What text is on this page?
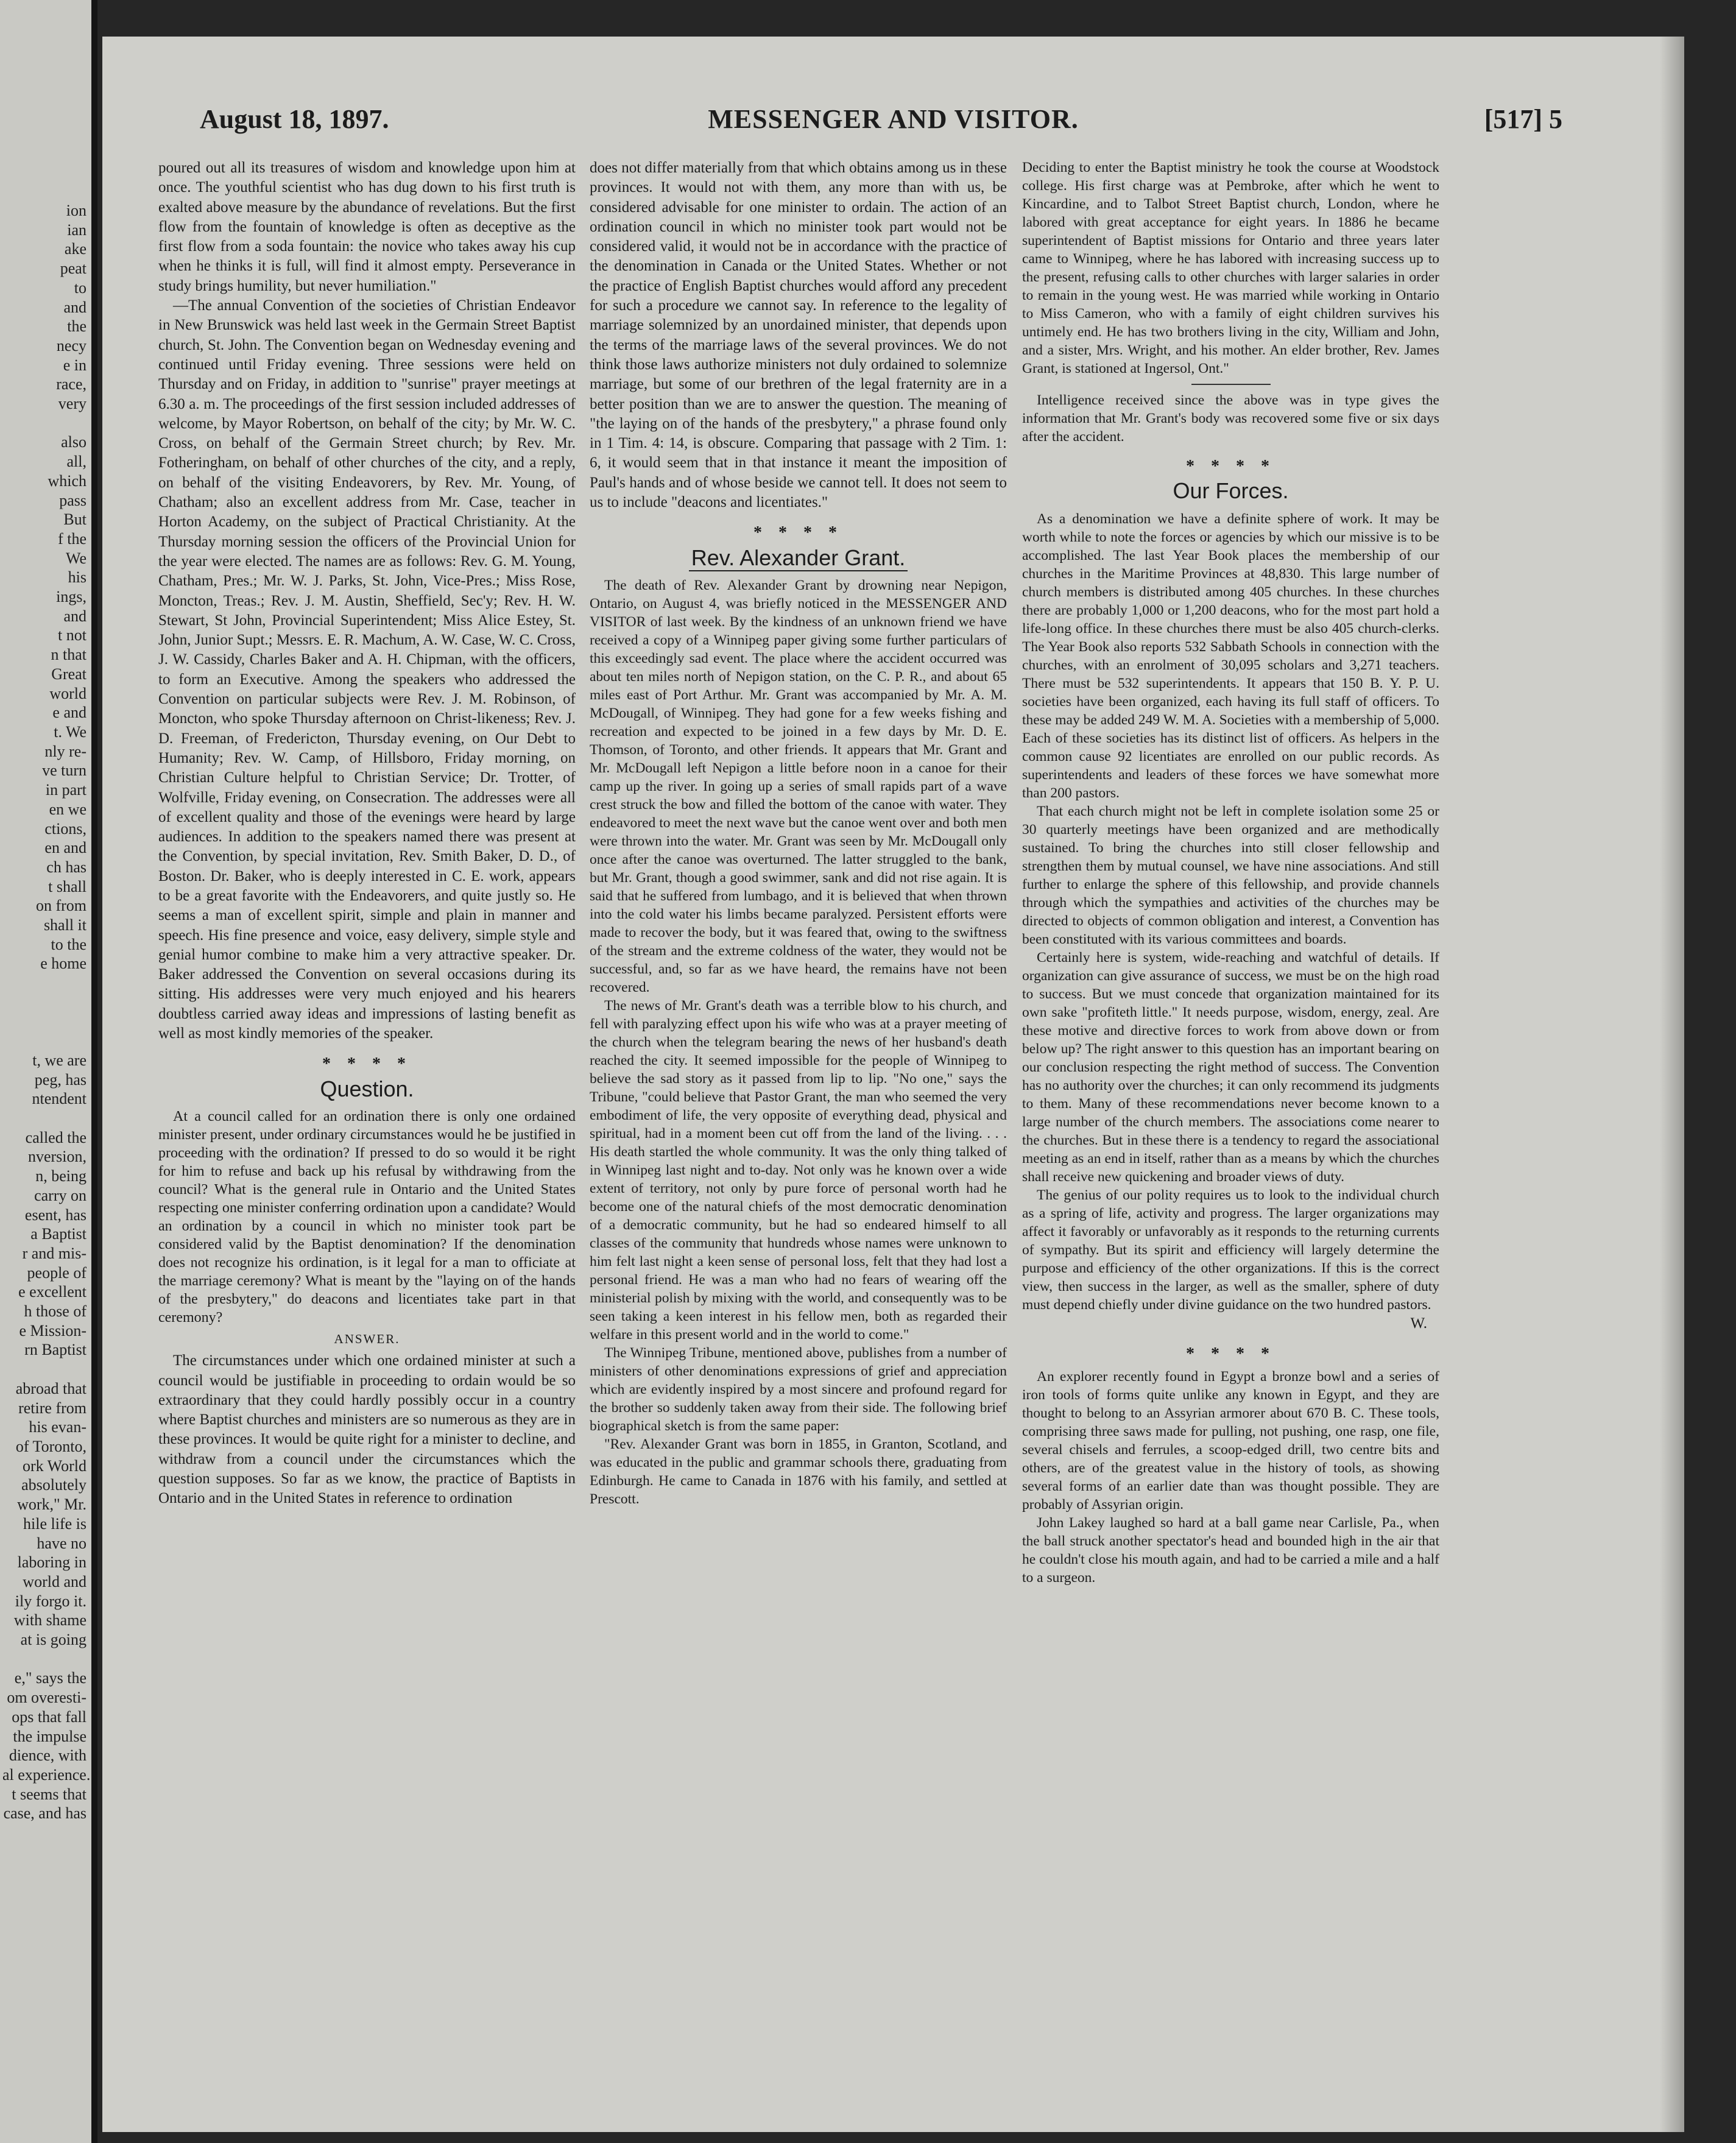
ion
ian
ake
peat
to
and
the
necy
e in
race,
very

also
all,
which
pass
But
f the
We
his
ings,
and
t not
n that
Great
world
e and
t. We
nly re-
ve turn
in part
en we
ctions,
en and
ch has
t shall
on from
shall it
to the
e home

t, we are
peg, has
ntendent

called the
nversion,
n, being
carry on
esent, has
a Baptist
r and mis-
people of
e excellent
h those of
e Mission-
rn Baptist

abroad that
retire from
his evan-
of Toronto,
ork World
absolutely
work," Mr.
hile life is
have no
laboring in
world and
ily forgo it.
with shame
at is going

e," says the
om overesti-
ops that fall
the impulse
dience, with
al experience.
t seems that
case, and has
August 18, 1897.	MESSENGER AND VISITOR.	[517] 5

poured out all its treasures of wisdom and knowledge upon him at once. The youthful scientist who has dug down to his first truth is exalted above measure by the abundance of revelations. But the first flow from the fountain of knowledge is often as deceptive as the first flow from a soda fountain: the novice who takes away his cup when he thinks it is full, will find it almost empty. Perseverance in study brings humility, but never humiliation."

—The annual Convention of the societies of Christian Endeavor in New Brunswick was held last week in the Germain Street Baptist church, St. John. The Convention began on Wednesday evening and continued until Friday evening. Three sessions were held on Thursday and on Friday, in addition to "sunrise" prayer meetings at 6.30 a. m. The proceedings of the first session included addresses of welcome, by Mayor Robertson, on behalf of the city; by Mr. W. C. Cross, on behalf of the Germain Street church; by Rev. Mr. Fotheringham, on behalf of other churches of the city, and a reply, on behalf of the visiting Endeavorers, by Rev. Mr. Young, of Chatham; also an excellent address from Mr. Case, teacher in Horton Academy, on the subject of Practical Christianity. At the Thursday morning session the officers of the Provincial Union for the year were elected. The names are as follows: Rev. G. M. Young, Chatham, Pres.; Mr. W. J. Parks, St. John, Vice-Pres.; Miss Rose, Moncton, Treas.; Rev. J. M. Austin, Sheffield, Sec'y; Rev. H. W. Stewart, St John, Provincial Superintendent; Miss Alice Estey, St. John, Junior Supt.; Messrs. E. R. Machum, A. W. Case, W. C. Cross, J. W. Cassidy, Charles Baker and A. H. Chipman, with the officers, to form an Executive. Among the speakers who addressed the Convention on particular subjects were Rev. J. M. Robinson, of Moncton, who spoke Thursday afternoon on Christ-likeness; Rev. J. D. Freeman, of Fredericton, Thursday evening, on Our Debt to Humanity; Rev. W. Camp, of Hillsboro, Friday morning, on Christian Culture helpful to Christian Service; Dr. Trotter, of Wolfville, Friday evening, on Consecration. The addresses were all of excellent quality and those of the evenings were heard by large audiences. In addition to the speakers named there was present at the Convention, by special invitation, Rev. Smith Baker, D. D., of Boston. Dr. Baker, who is deeply interested in C. E. work, appears to be a great favorite with the Endeavorers, and quite justly so. He seems a man of excellent spirit, simple and plain in manner and speech. His fine presence and voice, easy delivery, simple style and genial humor combine to make him a very attractive speaker. Dr. Baker addressed the Convention on several occasions during its sitting. His addresses were very much enjoyed and his hearers doubtless carried away ideas and impressions of lasting benefit as well as most kindly memories of the speaker.

* * * *
Question.

At a council called for an ordination there is only one ordained minister present, under ordinary circumstances would he be justified in proceeding with the ordination? If pressed to do so would it be right for him to refuse and back up his refusal by withdrawing from the council? What is the general rule in Ontario and the United States respecting one minister conferring ordination upon a candidate? Would an ordination by a council in which no minister took part be considered valid by the Baptist denomination? If the denomination does not recognize his ordination, is it legal for a man to officiate at the marriage ceremony? What is meant by the "laying on of the hands of the presbytery," do deacons and licentiates take part in that ceremony?

ANSWER.

The circumstances under which one ordained minister at such a council would be justifiable in proceeding to ordain would be so extraordinary that they could hardly possibly occur in a country where Baptist churches and ministers are so numerous as they are in these provinces. It would be quite right for a minister to decline, and withdraw from a council under the circumstances which the question supposes. So far as we know, the practice of Baptists in Ontario and in the United States in reference to ordination

does not differ materially from that which obtains among us in these provinces. It would not with them, any more than with us, be considered advisable for one minister to ordain. The action of an ordination council in which no minister took part would not be considered valid, it would not be in accordance with the practice of the denomination in Canada or the United States. Whether or not the practice of English Baptist churches would afford any precedent for such a procedure we cannot say. In reference to the legality of marriage solemnized by an unordained minister, that depends upon the terms of the marriage laws of the several provinces. We do not think those laws authorize ministers not duly ordained to solemnize marriage, but some of our brethren of the legal fraternity are in a better position than we are to answer the question. The meaning of "the laying on of the hands of the presbytery," a phrase found only in 1 Tim. 4: 14, is obscure. Comparing that passage with 2 Tim. 1: 6, it would seem that in that instance it meant the imposition of Paul's hands and of whose beside we cannot tell. It does not seem to us to include "deacons and licentiates."

* * * *
Rev. Alexander Grant.

The death of Rev. Alexander Grant by drowning near Nepigon, Ontario, on August 4, was briefly noticed in the MESSENGER AND VISITOR of last week. By the kindness of an unknown friend we have received a copy of a Winnipeg paper giving some further particulars of this exceedingly sad event. The place where the accident occurred was about ten miles north of Nepigon station, on the C. P. R., and about 65 miles east of Port Arthur. Mr. Grant was accompanied by Mr. A. M. McDougall, of Winnipeg. They had gone for a few weeks fishing and recreation and expected to be joined in a few days by Mr. D. E. Thomson, of Toronto, and other friends. It appears that Mr. Grant and Mr. McDougall left Nepigon a little before noon in a canoe for their camp up the river. In going up a series of small rapids part of a wave crest struck the bow and filled the bottom of the canoe with water. They endeavored to meet the next wave but the canoe went over and both men were thrown into the water. Mr. Grant was seen by Mr. McDougall only once after the canoe was overturned. The latter struggled to the bank, but Mr. Grant, though a good swimmer, sank and did not rise again. It is said that he suffered from lumbago, and it is believed that when thrown into the cold water his limbs became paralyzed. Persistent efforts were made to recover the body, but it was feared that, owing to the swiftness of the stream and the extreme coldness of the water, they would not be successful, and, so far as we have heard, the remains have not been recovered.

The news of Mr. Grant's death was a terrible blow to his church, and fell with paralyzing effect upon his wife who was at a prayer meeting of the church when the telegram bearing the news of her husband's death reached the city. It seemed impossible for the people of Winnipeg to believe the sad story as it passed from lip to lip. "No one," says the Tribune, "could believe that Pastor Grant, the man who seemed the very embodiment of life, the very opposite of everything dead, physical and spiritual, had in a moment been cut off from the land of the living. . . . His death startled the whole community. It was the only thing talked of in Winnipeg last night and to-day. Not only was he known over a wide extent of territory, not only by pure force of personal worth had he become one of the natural chiefs of the most democratic denomination of a democratic community, but he had so endeared himself to all classes of the community that hundreds whose names were unknown to him felt last night a keen sense of personal loss, felt that they had lost a personal friend. He was a man who had no fears of wearing off the ministerial polish by mixing with the world, and consequently was to be seen taking a keen interest in his fellow men, both as regarded their welfare in this present world and in the world to come."

The Winnipeg Tribune, mentioned above, publishes from a number of ministers of other denominations expressions of grief and appreciation which are evidently inspired by a most sincere and profound regard for the brother so suddenly taken away from their side. The following brief biographical sketch is from the same paper:

"Rev. Alexander Grant was born in 1855, in Granton, Scotland, and was educated in the public and grammar schools there, graduating from Edinburgh. He came to Canada in 1876 with his family, and settled at Prescott.

Deciding to enter the Baptist ministry he took the course at Woodstock college. His first charge was at Pembroke, after which he went to Kincardine, and to Talbot Street Baptist church, London, where he labored with great acceptance for eight years. In 1886 he became superintendent of Baptist missions for Ontario and three years later came to Winnipeg, where he has labored with increasing success up to the present, refusing calls to other churches with larger salaries in order to remain in the young west. He was married while working in Ontario to Miss Cameron, who with a family of eight children survives his untimely end. He has two brothers living in the city, William and John, and a sister, Mrs. Wright, and his mother. An elder brother, Rev. James Grant, is stationed at Ingersol, Ont."

Intelligence received since the above was in type gives the information that Mr. Grant's body was recovered some five or six days after the accident.

* * * *
Our Forces.

As a denomination we have a definite sphere of work. It may be worth while to note the forces or agencies by which our missive is to be accomplished. The last Year Book places the membership of our churches in the Maritime Provinces at 48,830. This large number of church members is distributed among 405 churches. In these churches there are probably 1,000 or 1,200 deacons, who for the most part hold a life-long office. In these churches there must be also 405 church-clerks. The Year Book also reports 532 Sabbath Schools in connection with the churches, with an enrolment of 30,095 scholars and 3,271 teachers. There must be 532 superintendents. It appears that 150 B. Y. P. U. societies have been organized, each having its full staff of officers. To these may be added 249 W. M. A. Societies with a membership of 5,000. Each of these societies has its distinct list of officers. As helpers in the common cause 92 licentiates are enrolled on our public records. As superintendents and leaders of these forces we have somewhat more than 200 pastors.

That each church might not be left in complete isolation some 25 or 30 quarterly meetings have been organized and are methodically sustained. To bring the churches into still closer fellowship and strengthen them by mutual counsel, we have nine associations. And still further to enlarge the sphere of this fellowship, and provide channels through which the sympathies and activities of the churches may be directed to objects of common obligation and interest, a Convention has been constituted with its various committees and boards.

Certainly here is system, wide-reaching and watchful of details. If organization can give assurance of success, we must be on the high road to success. But we must concede that organization maintained for its own sake "profiteth little." It needs purpose, wisdom, energy, zeal. Are these motive and directive forces to work from above down or from below up? The right answer to this question has an important bearing on our conclusion respecting the right method of success. The Convention has no authority over the churches; it can only recommend its judgments to them. Many of these recommendations never become known to a large number of the church members. The associations come nearer to the churches. But in these there is a tendency to regard the associational meeting as an end in itself, rather than as a means by which the churches shall receive new quickening and broader views of duty.

The genius of our polity requires us to look to the individual church as a spring of life, activity and progress. The larger organizations may affect it favorably or unfavorably as it responds to the returning currents of sympathy. But its spirit and efficiency will largely determine the purpose and efficiency of the other organizations. If this is the correct view, then success in the larger, as well as the smaller, sphere of duty must depend chiefly under divine guidance on the two hundred pastors.

W.
* * * *

An explorer recently found in Egypt a bronze bowl and a series of iron tools of forms quite unlike any known in Egypt, and they are thought to belong to an Assyrian armorer about 670 B. C. These tools, comprising three saws made for pulling, not pushing, one rasp, one file, several chisels and ferrules, a scoop-edged drill, two centre bits and others, are of the greatest value in the history of tools, as showing several forms of an earlier date than was thought possible. They are probably of Assyrian origin.

John Lakey laughed so hard at a ball game near Carlisle, Pa., when the ball struck another spectator's head and bounded high in the air that he couldn't close his mouth again, and had to be carried a mile and a half to a surgeon.
